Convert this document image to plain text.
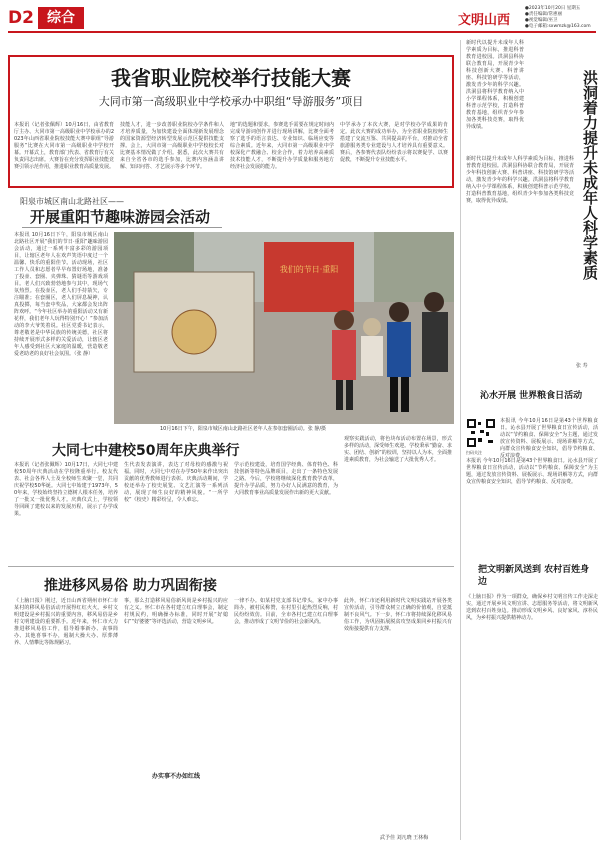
D2 综合	文明山西
●2023年10月20日 星期五
●责任编辑/常惠丽
●视觉编辑/巫卫
●电子邮箱:sxwmzk@163.com
我省职业院校举行技能大赛
大同市第一高级职业中学校承办中职组“导游服务”项目
本报讯（记者张佩辉）10月16日，由省教育厅主办、大同市第一高级职业中学校承办的2023年山西省职业院校技能大赛中职组“导游服务”比赛在大同市第一高级职业中学校开幕。开幕式上，教育部门代表、省教育厅有关负责同志出席。大赛旨在充分发挥职业技能竞赛引领示范作用，推进职业教育高质量发展。
技能人才，进一步改善职业院校办学条件和人才培养质量，为加快建设全面体现新发展理念的国家资源型经济转型发展示范区提供技能支撑。会上，大同市第一高级职业中学校校长对比赛基本情况做了介绍。据悉，此次大赛共有来自全省各市的选手参加，比赛内容涵盖讲解、知识问答、才艺展示等多个环节。
地”的选题和要求，参赛选手需要在规定时间内完成导游词创作并进行现场讲解，比赛全面考察了选手的语言表达、专业知识、临场应变等综合素质。近年来，大同市第一高级职业中学校深化产教融合、校企合作，着力培养高素质技术技能人才，不断提升办学质量和服务地方经济社会发展的能力。
中学承办了本次大赛，是对学校办学成果的肯定。此次大赛的成功举办，为全省职业院校师生搭建了交流互鉴、共同提高的平台，对推动全省旅游服务类专业建设与人才培养具有重要意义。赛后，各参赛代表队纷纷表示将以赛促学、以赛促教，不断提升专业技能水平。
阳泉市城区南山北路社区——
开展重阳节趣味游园会活动
本报讯 10月16日下午，阳泉市城区南山北路社区开展“我们的节日·重阳”趣味游园会活动，通过一系列丰富多彩的游园项目，让辖区老年人在欢声笑语中度过一个温馨、快乐的重阳佳节。活动现场，社区工作人员和志愿者早早布置好场地，准备了投壶、套圈、夹弹珠、猜谜语等游戏项目。老人们兴致勃勃地参与其中，现场气氛热烈。在投壶区，老人们手持箭矢，专注瞄准；在套圈区，老人们屏息凝神，认真投掷，每当套中奖品，大家都会发出阵阵欢呼。“今年社区举办的重阳活动又有新花样，我们老年人玩得特别开心！”参加活动的李大爷笑着说。社区党委书记表示，尊老敬老是中华民族的传统美德，社区将持续开展形式多样的关爱活动，让辖区老年人感受到社区大家庭的温暖，营造敬老爱老助老的良好社会氛围。（张 静）
我们的节日·重阳
10月16日下午，阳泉市城区南山北路社区老年人在参加套圈活动。张 静/摄
大同七中建校50周年庆典举行
本报讯（记者张佩辉）10月17日，大同七中建校50周年庆典活动在学校隆重举行。校友代表、社会各界人士及全校师生欢聚一堂，共同庆祝学校50华诞。大同七中始建于1973年，50年来，学校始终坚持立德树人根本任务，培养了一批又一批优秀人才。庆典仪式上，学校领导回顾了建校以来的发展历程，展示了办学成果。
生代表发表演讲，表达了对母校的感激与祝福。同时，大同七中对在办学50年来作出突出贡献的优秀教师进行表彰。庆典活动期间，学校还举办了校史展览、文艺汇演等一系列活动，展现了师生良好的精神风貌。“一所学校”《校史》精彩纷呈，令人难忘。
学示范校建设，培育国学经典、体育特色、科技创新等特色品牌项目，走出了一条特色发展之路。今后，学校将继续深化教育教学改革，提升办学品质，努力办好人民满意的教育，为大同教育事业高质量发展作出新的更大贡献。
观察实践活动，将色块布活动布置在场景，形式多样的活动，深受师生欢迎。学校秉承“勤奋、求实、团结、创新”的校训，坚持以人为本，全面推进素质教育，为社会输送了大批优秀人才。
推进移风易俗 助力巩固衔接
《上脑日报》刚过，近日山西省朔州市怀仁市某村的移风易俗活动开展得红红火火。乡村文明建设是乡村振兴的重要内容，移风易俗是乡村文明建设的重要抓手。近年来，怀仁市大力推进移风易俗工作，倡导婚事新办、丧事简办、其他喜事不办，遏制大操大办、厚葬薄养、人情攀比等陈规陋习。
事，那么打造移风易俗新风尚是乡村振兴的应有之义。怀仁市在各村建立红白理事会，制定村规民约，明确操办标准，同时开展“好媳妇”“好婆婆”等评选活动，营造文明乡风。
办实事不办如红线
一律不办。如某村党支部书记带头，家中办事简办，被村民称赞，在村里引起热烈反响，村民纷纷效仿。目前，全市各村已建立红白理事会，推动形成了文明节俭的社会新风尚。
此外，怀仁市还利用新时代文明实践站开展各类宣传活动，引导群众树立正确的价值观，自觉抵制不良风气。下一步，怀仁市将持续深化移风易俗工作，为巩固拓展脱贫攻坚成果同乡村振兴有效衔接提供有力支撑。
武予佳 刘凡晓 王林梅
新时代以提升未成年人科学素质为目标，推进科普教育进校园。洪洞县科协联合教育局，开展青少年科技创新大赛、科普讲座、科技馆研学等活动，激发青少年的科学兴趣。洪洞县将科学教育纳入中小学课程体系，积极创建科普示范学校，打造科普教育基地，组织青少年参加各类科技竞赛，取得优异成绩。
新时代以提升未成年人科学素质为目标，推进科普教育进校园。洪洞县科协联合教育局，开展青少年科技创新大赛、科普讲座、科技馆研学等活动，激发青少年的科学兴趣。洪洞县将科学教育纳入中小学课程体系，积极创建科普示范学校，打造科普教育基地，组织青少年参加各类科技竞赛，取得优异成绩。	洪洞着力提升未成年人科学素质
张 寿
沁水开展 世界粮食日活动
扫码关注
本报讯 今年10月16日是第43个世界粮食日。沁水县开展了世界粮食日宣传活动，活动以“节约粮食、保障安全”为主题，通过发放宣传资料、展板展示、现场讲解等方式，向群众宣传粮食安全知识，倡导节约粮食、反对浪费。
本报讯 今年10月16日是第43个世界粮食日。沁水县开展了世界粮食日宣传活动，活动以“节约粮食、保障安全”为主题，通过发放宣传资料、展板展示、现场讲解等方式，向群众宣传粮食安全知识，倡导节约粮食、反对浪费。
把文明新风送到 农村百姓身边
《上脑日报》作为一项群众，确保乡村文明宣传工作走深走实，通过开展乡风文明宣讲、志愿服务等活动，将文明新风送到农村百姓身边。推动形成文明乡风、良好家风、淳朴民风，为乡村振兴提供精神动力。
